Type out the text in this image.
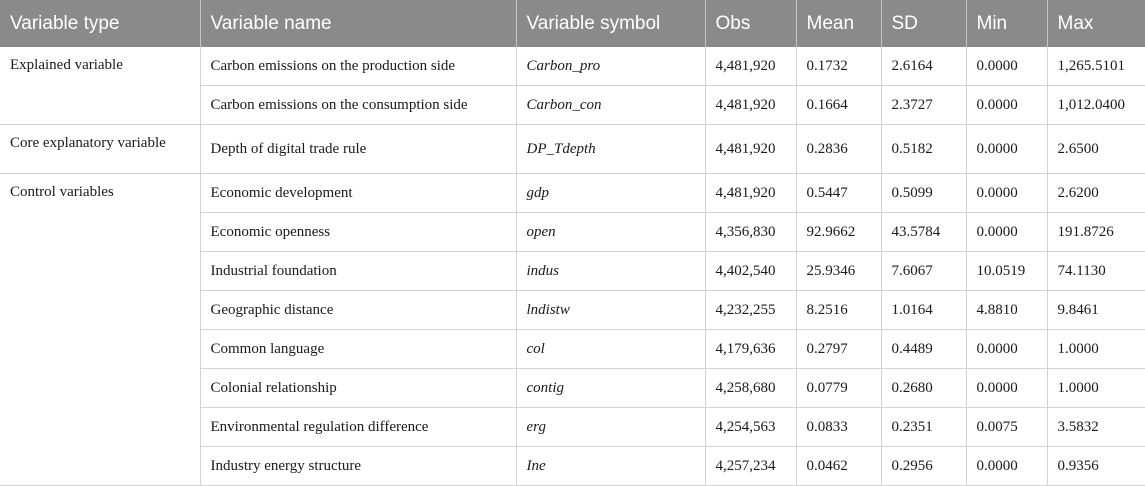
Variable type	Variable name	Variable symbol	Obs	Mean	SD	Min	Max
Explained variable	Carbon emissions on the production side	Carbon_pro	4,481,920	0.1732	2.6164	0.0000	1,265.5101
	Carbon emissions on the consumption side	Carbon_con	4,481,920	0.1664	2.3727	0.0000	1,012.0400
Core explanatory variable	Depth of digital trade rule	DP_Tdepth	4,481,920	0.2836	0.5182	0.0000	2.6500
Control variables	Economic development	gdp	4,481,920	0.5447	0.5099	0.0000	2.6200
	Economic openness	open	4,356,830	92.9662	43.5784	0.0000	191.8726
	Industrial foundation	indus	4,402,540	25.9346	7.6067	10.0519	74.1130
	Geographic distance	lndistw	4,232,255	8.2516	1.0164	4.8810	9.8461
	Common language	col	4,179,636	0.2797	0.4489	0.0000	1.0000
	Colonial relationship	contig	4,258,680	0.0779	0.2680	0.0000	1.0000
	Environmental regulation difference	erg	4,254,563	0.0833	0.2351	0.0075	3.5832
	Industry energy structure	Ine	4,257,234	0.0462	0.2956	0.0000	0.9356
